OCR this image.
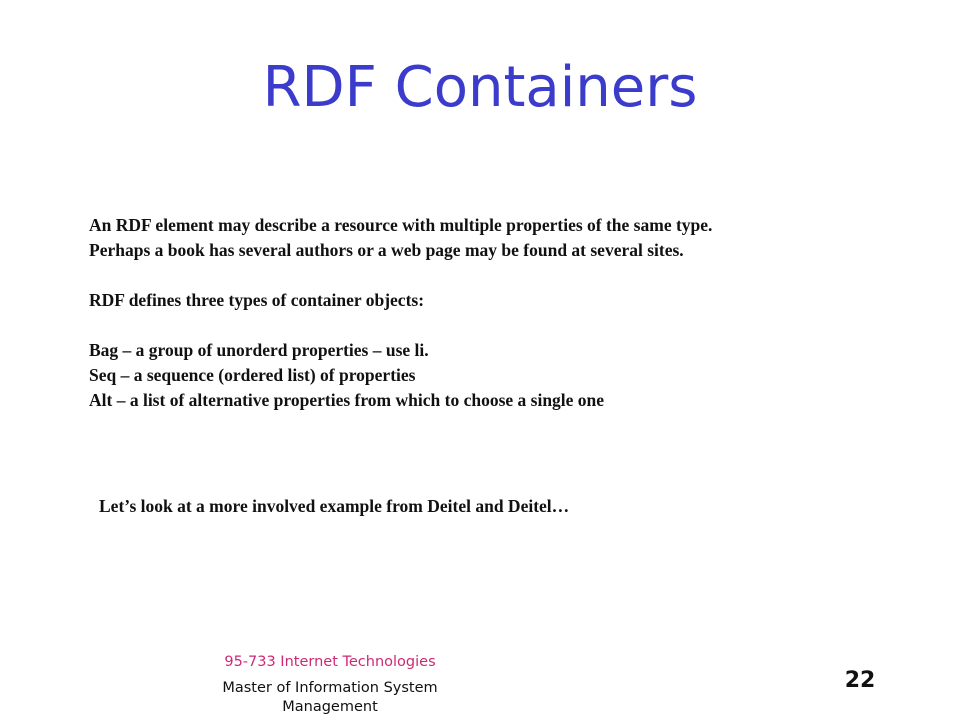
RDF Containers
An RDF element may describe a resource with multiple properties of the same type.
Perhaps a book has several authors or a web page may be found at several sites.
RDF defines three types of container objects:
Bag – a group of unorderd properties – use li.
Seq – a sequence (ordered list) of properties
Alt – a list of alternative properties from which to choose a single one
Let’s look at a more involved example from Deitel and Deitel…
95-733 Internet Technologies
Master of Information System Management
22
